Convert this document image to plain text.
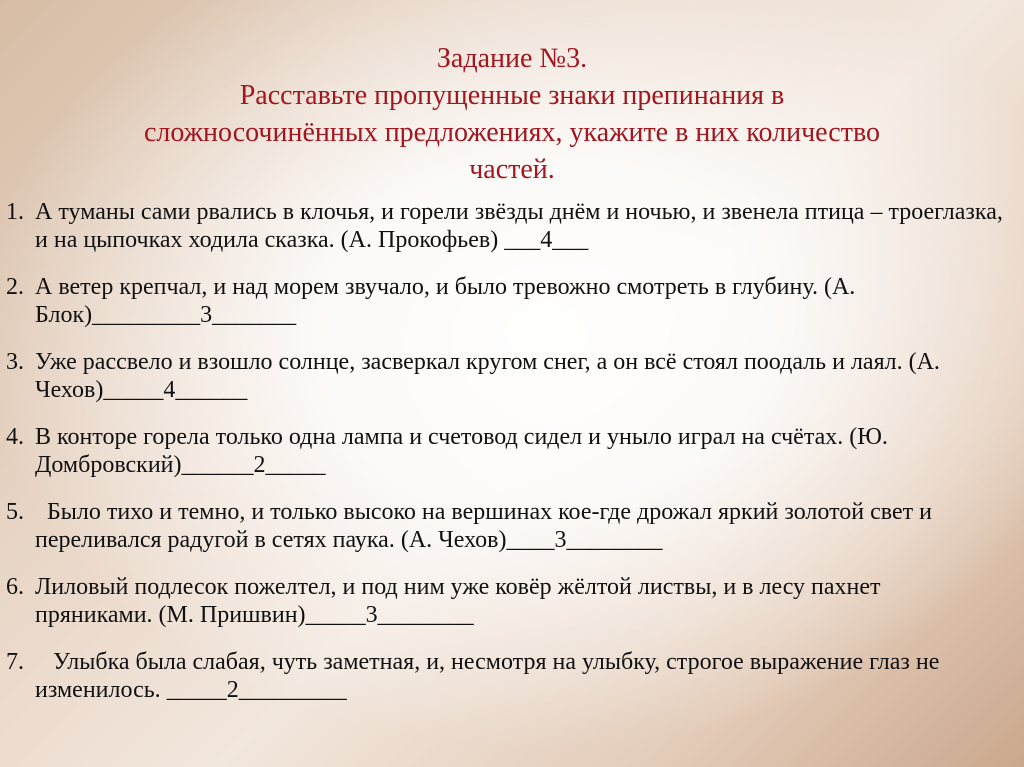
Задание №3.
Расставьте пропущенные знаки препинания в
сложносочинённых предложениях, укажите в них количество
частей.
1. А туманы сами рвались в клочья, и горели звёзды днём и ночью, и звенела птица – троеглазка, и на цыпочках ходила сказка. (А. Прокофьев) ___4___
2. А ветер крепчал, и над морем звучало, и было тревожно смотреть в глубину. (А. Блок)_________3_______
3. Уже рассвело и взошло солнце, засверкал кругом снег, а он всё стоял поодаль и лаял. (А. Чехов)_____4______
4. В конторе горела только одна лампа и счетовод сидел и уныло играл на счётах. (Ю. Домбровский)______2_____
5. Было тихо и темно, и только высоко на вершинах кое-где дрожал яркий золотой свет и переливался радугой в сетях паука. (А. Чехов)____3________
6. Лиловый подлесок пожелтел, и под ним уже ковёр жёлтой листвы, и в лесу пахнет пряниками. (М. Пришвин)_____3________
7. Улыбка была слабая, чуть заметная, и, несмотря на улыбку, строгое выражение глаз не изменилось. _____2_________
